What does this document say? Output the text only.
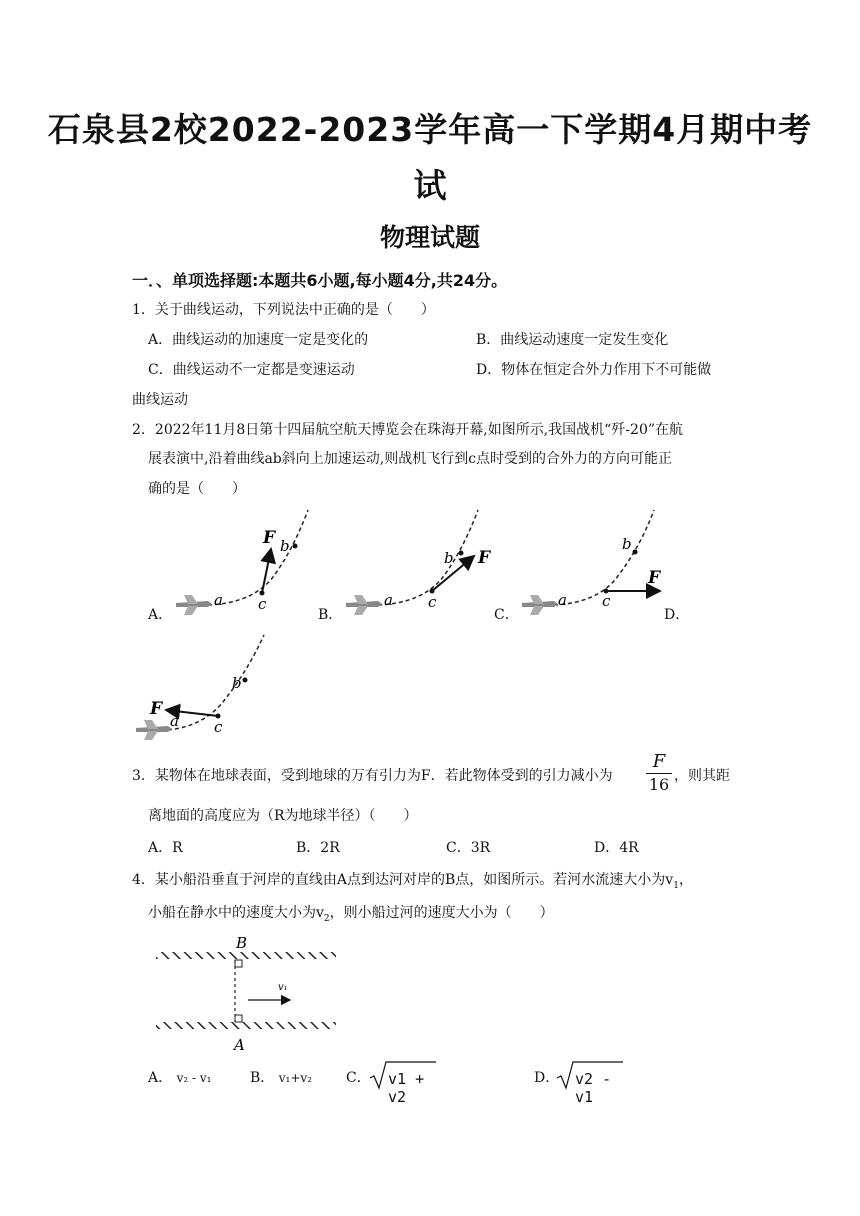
石泉县2校2022-2023学年高一下学期4月期中考
试
物理试题
一．、单项选择题:本题共6小题,每小题4分,共24分。
1．关于曲线运动，下列说法中正确的是（　　）
A．曲线运动的加速度一定是变化的	B．曲线运动速度一定发生变化
C．曲线运动不一定都是变速运动	D．物体在恒定合外力作用下不可能做
曲线运动
2．2022年11月8日第十四届航空航天博览会在珠海开幕,如图所示,我国战机“歼-20”在航
展表演中,沿着曲线ab斜向上加速运动,则战机飞行到c点时受到的合外力的方向可能正
确的是（　　）
A．	B．	C．	D．
a c
b
F
a c
b F
a c
b
F
a c
b
F
3．某物体在地球表面，受到地球的万有引力为F．若此物体受到的引力减小为
F
16 ，则其距
离地面的高度应为（R为地球半径）（　　）
A．R	B．2R	C．3R	D．4R
4．某小船沿垂直于河岸的直线由A点到达河对岸的B点，如图所示。若河水流速大小为$v_1$，
小船在静水中的速度大小为$v_2$，则小船过河的速度大小为（　　）
v₁
B
A
A． v₂ - v₁	B． v₁+v₂ C． v1 + v2
D． v2 - v1
